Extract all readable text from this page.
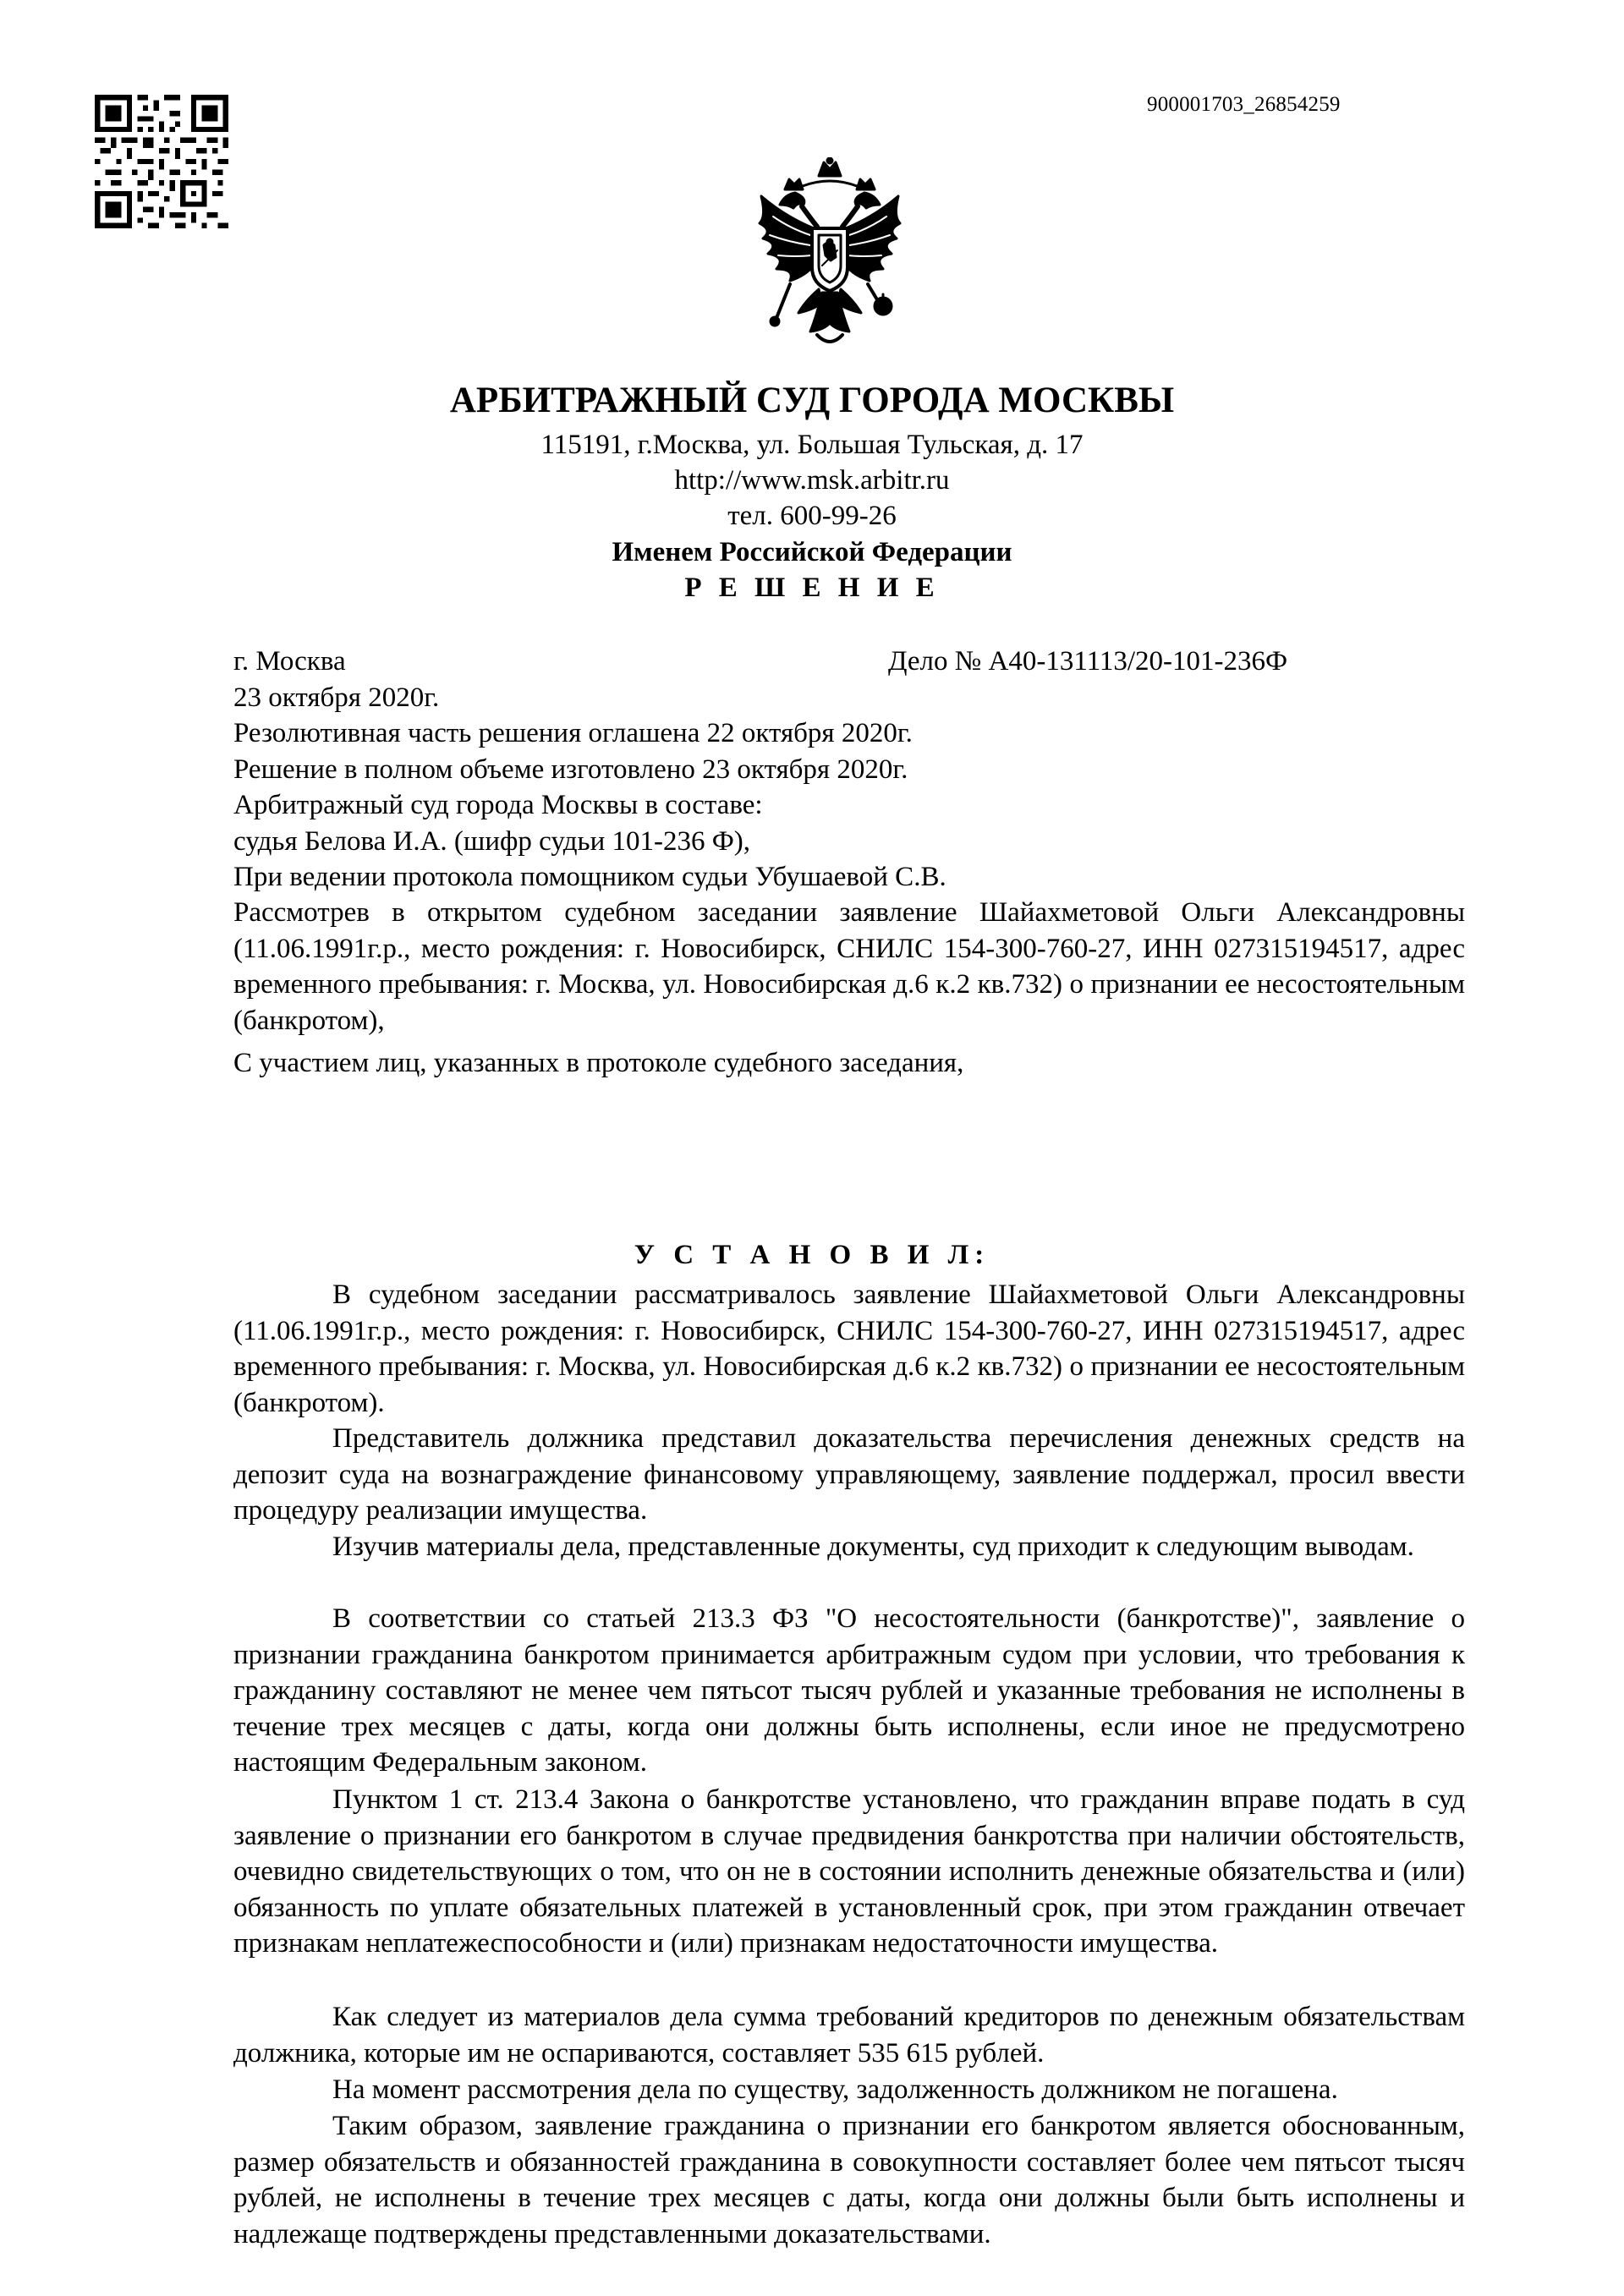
900001703_26854259
АРБИТРАЖНЫЙ СУД ГОРОДА МОСКВЫ
115191, г.Москва, ул. Большая Тульская, д. 17
http://www.msk.arbitr.ru
тел. 600-99-26
Именем Российской Федерации
Р Е Ш Е Н И Е
г. Москва	Дело № А40-131113/20-101-236Ф
23 октября 2020г.
Резолютивная часть решения оглашена 22 октября 2020г.
Решение в полном объеме изготовлено 23 октября 2020г.
Арбитражный суд города Москвы в составе:
судья Белова И.А. (шифр судьи 101-236 Ф),
При ведении протокола помощником судьи Убушаевой С.В.

Рассмотрев в открытом судебном заседании заявление Шайахметовой Ольги Александровны (11.06.1991г.р., место рождения: г. Новосибирск, СНИЛС 154-300-760-27, ИНН 027315194517, адрес временного пребывания: г. Москва, ул. Новосибирская д.6 к.2 кв.732) о признании ее несостоятельным (банкротом),

С участием лиц, указанных в протоколе судебного заседания,
У С Т А Н О В И Л:

В судебном заседании рассматривалось заявление Шайахметовой Ольги Александровны (11.06.1991г.р., место рождения: г. Новосибирск, СНИЛС 154-300-760-27, ИНН 027315194517, адрес временного пребывания: г. Москва, ул. Новосибирская д.6 к.2 кв.732) о признании ее несостоятельным (банкротом).

Представитель должника представил доказательства перечисления денежных средств на депозит суда на вознаграждение финансовому управляющему, заявление поддержал, просил ввести процедуру реализации имущества.

Изучив материалы дела, представленные документы, суд приходит к следующим выводам.

В соответствии со статьей 213.3 ФЗ "О несостоятельности (банкротстве)", заявление о признании гражданина банкротом принимается арбитражным судом при условии, что требования к гражданину составляют не менее чем пятьсот тысяч рублей и указанные требования не исполнены в течение трех месяцев с даты, когда они должны быть исполнены, если иное не предусмотрено настоящим Федеральным законом.

Пунктом 1 ст. 213.4 Закона о банкротстве установлено, что гражданин вправе подать в суд заявление о признании его банкротом в случае предвидения банкротства при наличии обстоятельств, очевидно свидетельствующих о том, что он не в состоянии исполнить денежные обязательства и (или) обязанность по уплате обязательных платежей в установленный срок, при этом гражданин отвечает признакам неплатежеспособности и (или) признакам недостаточности имущества.

Как следует из материалов дела сумма требований кредиторов по денежным обязательствам должника, которые им не оспариваются, составляет 535 615 рублей.

На момент рассмотрения дела по существу, задолженность должником не погашена.

Таким образом, заявление гражданина о признании его банкротом является обоснованным, размер обязательств и обязанностей гражданина в совокупности составляет более чем пятьсот тысяч рублей, не исполнены в течение трех месяцев с даты, когда они должны были быть исполнены и надлежаще подтверждены представленными доказательствами.
